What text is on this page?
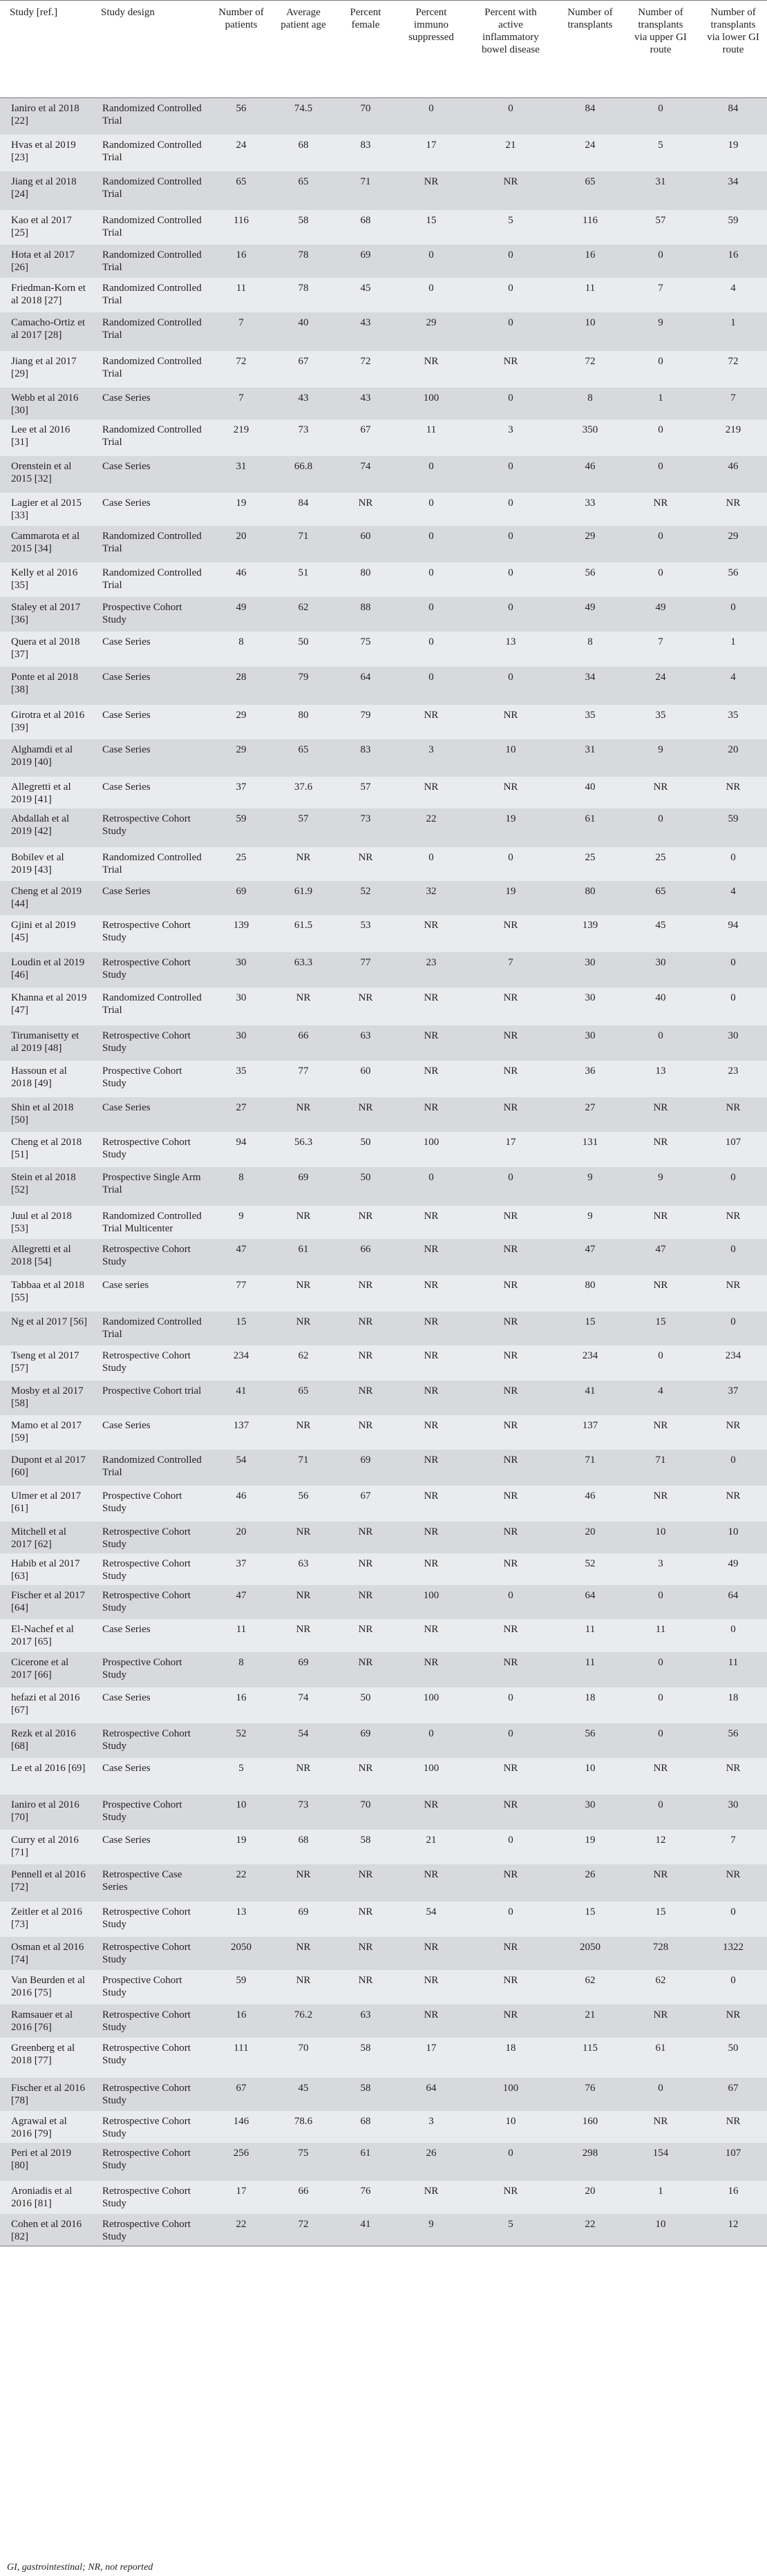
Study [ref.]	Study design	Number of patients	Average patient age	Percent female	Percent immuno suppressed	Percent with active inflammatory bowel disease	Number of transplants	Number of transplants via upper GI route	Number of transplants via lower GI route
Ianiro et al 2018 [22]	Randomized Controlled Trial	56	74.5	70	0	0	84	0	84
Hvas et al 2019 [23]	Randomized Controlled Trial	24	68	83	17	21	24	5	19
Jiang et al 2018 [24]	Randomized Controlled Trial	65	65	71	NR	NR	65	31	34
Kao et al 2017 [25]	Randomized Controlled Trial	116	58	68	15	5	116	57	59
Hota et al 2017 [26]	Randomized Controlled Trial	16	78	69	0	0	16	0	16
Friedman-Korn et al 2018 [27]	Randomized Controlled Trial	11	78	45	0	0	11	7	4
Camacho-Ortiz et al 2017 [28]	Randomized Controlled Trial	7	40	43	29	0	10	9	1
Jiang et al 2017 [29]	Randomized Controlled Trial	72	67	72	NR	NR	72	0	72
Webb et al 2016 [30]	Case Series	7	43	43	100	0	8	1	7
Lee et al 2016 [31]	Randomized Controlled Trial	219	73	67	11	3	350	0	219
Orenstein et al 2015 [32]	Case Series	31	66.8	74	0	0	46	0	46
Lagier et al 2015 [33]	Case Series	19	84	NR	0	0	33	NR	NR
Cammarota et al 2015 [34]	Randomized Controlled Trial	20	71	60	0	0	29	0	29
Kelly et al 2016 [35]	Randomized Controlled Trial	46	51	80	0	0	56	0	56
Staley et al 2017 [36]	Prospective Cohort Study	49	62	88	0	0	49	49	0
Quera et al 2018 [37]	Case Series	8	50	75	0	13	8	7	1
Ponte et al 2018 [38]	Case Series	28	79	64	0	0	34	24	4
Girotra et al 2016 [39]	Case Series	29	80	79	NR	NR	35	35	35
Alghamdi et al 2019 [40]	Case Series	29	65	83	3	10	31	9	20
Allegretti et al 2019 [41]	Case Series	37	37.6	57	NR	NR	40	NR	NR
Abdallah et al 2019 [42]	Retrospective Cohort Study	59	57	73	22	19	61	0	59
Bobilev et al 2019 [43]	Randomized Controlled Trial	25	NR	NR	0	0	25	25	0
Cheng et al 2019 [44]	Case Series	69	61.9	52	32	19	80	65	4
Gjini et al 2019 [45]	Retrospective Cohort Study	139	61.5	53	NR	NR	139	45	94
Loudin et al 2019 [46]	Retrospective Cohort Study	30	63.3	77	23	7	30	30	0
Khanna et al 2019 [47]	Randomized Controlled Trial	30	NR	NR	NR	NR	30	40	0
Tirumanisetty et al 2019 [48]	Retrospective Cohort Study	30	66	63	NR	NR	30	0	30
Hassoun et al 2018 [49]	Prospective Cohort Study	35	77	60	NR	NR	36	13	23
Shin et al 2018 [50]	Case Series	27	NR	NR	NR	NR	27	NR	NR
Cheng et al 2018 [51]	Retrospective Cohort Study	94	56.3	50	100	17	131	NR	107
Stein et al 2018 [52]	Prospective Single Arm Trial	8	69	50	0	0	9	9	0
Juul et al 2018 [53]	Randomized Controlled Trial Multicenter	9	NR	NR	NR	NR	9	NR	NR
Allegretti et al 2018 [54]	Retrospective Cohort Study	47	61	66	NR	NR	47	47	0
Tabbaa et al 2018 [55]	Case series	77	NR	NR	NR	NR	80	NR	NR
Ng et al 2017 [56]	Randomized Controlled Trial	15	NR	NR	NR	NR	15	15	0
Tseng et al 2017 [57]	Retrospective Cohort Study	234	62	NR	NR	NR	234	0	234
Mosby et al 2017 [58]	Prospective Cohort trial	41	65	NR	NR	NR	41	4	37
Mamo et al 2017 [59]	Case Series	137	NR	NR	NR	NR	137	NR	NR
Dupont et al 2017 [60]	Randomized Controlled Trial	54	71	69	NR	NR	71	71	0
Ulmer et al 2017 [61]	Prospective Cohort Study	46	56	67	NR	NR	46	NR	NR
Mitchell et al 2017 [62]	Retrospective Cohort Study	20	NR	NR	NR	NR	20	10	10
Habib et al 2017 [63]	Retrospective Cohort Study	37	63	NR	NR	NR	52	3	49
Fischer et al 2017 [64]	Retrospective Cohort Study	47	NR	NR	100	0	64	0	64
El-Nachef et al 2017 [65]	Case Series	11	NR	NR	NR	NR	11	11	0
Cicerone et al 2017 [66]	Prospective Cohort Study	8	69	NR	NR	NR	11	0	11
hefazi et al 2016 [67]	Case Series	16	74	50	100	0	18	0	18
Rezk et al 2016 [68]	Retrospective Cohort Study	52	54	69	0	0	56	0	56
Le et al 2016 [69]	Case Series	5	NR	NR	100	NR	10	NR	NR
Ianiro et al 2016 [70]	Prospective Cohort Study	10	73	70	NR	NR	30	0	30
Curry et al 2016 [71]	Case Series	19	68	58	21	0	19	12	7
Pennell et al 2016 [72]	Retrospective Case Series	22	NR	NR	NR	NR	26	NR	NR
Zeitler et al 2016 [73]	Retrospective Cohort Study	13	69	NR	54	0	15	15	0
Osman et al 2016 [74]	Retrospective Cohort Study	2050	NR	NR	NR	NR	2050	728	1322
Van Beurden et al 2016 [75]	Prospective Cohort Study	59	NR	NR	NR	NR	62	62	0
Ramsauer et al 2016 [76]	Retrospective Cohort Study	16	76.2	63	NR	NR	21	NR	NR
Greenberg et al 2018 [77]	Retrospective Cohort Study	111	70	58	17	18	115	61	50
Fischer et al 2016 [78]	Retrospective Cohort Study	67	45	58	64	100	76	0	67
Agrawal et al 2016 [79]	Retrospective Cohort Study	146	78.6	68	3	10	160	NR	NR
Peri et al 2019 [80]	Retrospective Cohort Study	256	75	61	26	0	298	154	107
Aroniadis et al 2016 [81]	Retrospective Cohort Study	17	66	76	NR	NR	20	1	16
Cohen et al 2016 [82]	Retrospective Cohort Study	22	72	41	9	5	22	10	12
GI, gastrointestinal; NR, not reported
